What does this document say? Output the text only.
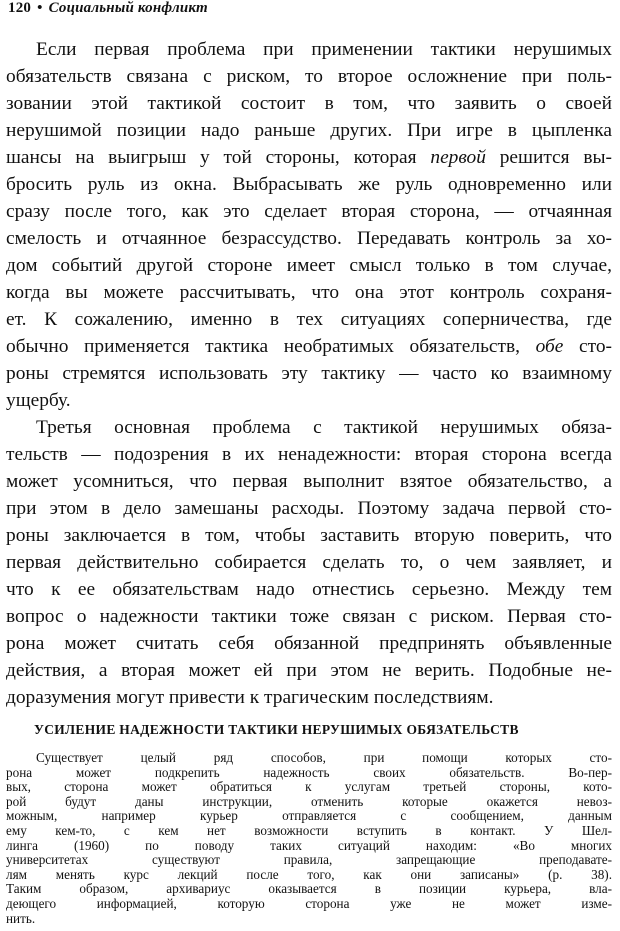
120 • Социальный конфликт
Если первая проблема при применении тактики нерушимых
обязательств связана с риском, то второе осложнение при поль-
зовании этой тактикой состоит в том, что заявить о своей
нерушимой позиции надо раньше других. При игре в цыпленка
шансы на выигрыш у той стороны, которая первой решится вы-
бросить руль из окна. Выбрасывать же руль одновременно или
сразу после того, как это сделает вторая сторона, — отчаянная
смелость и отчаянное безрассудство. Передавать контроль за хо-
дом событий другой стороне имеет смысл только в том случае,
когда вы можете рассчитывать, что она этот контроль сохраня-
ет. К сожалению, именно в тех ситуациях соперничества, где
обычно применяется тактика необратимых обязательств, обе сто-
роны стремятся использовать эту тактику — часто ко взаимному
ущербу.
Третья основная проблема с тактикой нерушимых обяза-
тельств — подозрения в их ненадежности: вторая сторона всегда
может усомниться, что первая выполнит взятое обязательство, а
при этом в дело замешаны расходы. Поэтому задача первой сто-
роны заключается в том, чтобы заставить вторую поверить, что
первая действительно собирается сделать то, о чем заявляет, и
что к ее обязательствам надо отнестись серьезно. Между тем
вопрос о надежности тактики тоже связан с риском. Первая сто-
рона может считать себя обязанной предпринять объявленные
действия, а вторая может ей при этом не верить. Подобные не-
доразумения могут привести к трагическим последствиям.
УСИЛЕНИЕ НАДЕЖНОСТИ ТАКТИКИ НЕРУШИМЫХ ОБЯЗАТЕЛЬСТВ
Существует целый ряд способов, при помощи которых сто-
рона может подкрепить надежность своих обязательств. Во-пер-
вых, сторона может обратиться к услугам третьей стороны, кото-
рой будут даны инструкции, отменить которые окажется невоз-
можным, например курьер отправляется с сообщением, данным
ему кем-то, с кем нет возможности вступить в контакт. У Шел-
линга (1960) по поводу таких ситуаций находим: «Во многих
университетах существуют правила, запрещающие преподавате-
лям менять курс лекций после того, как они записаны» (р. 38).
Таким образом, архивариус оказывается в позиции курьера, вла-
деющего информацией, которую сторона уже не может изме-
нить.
